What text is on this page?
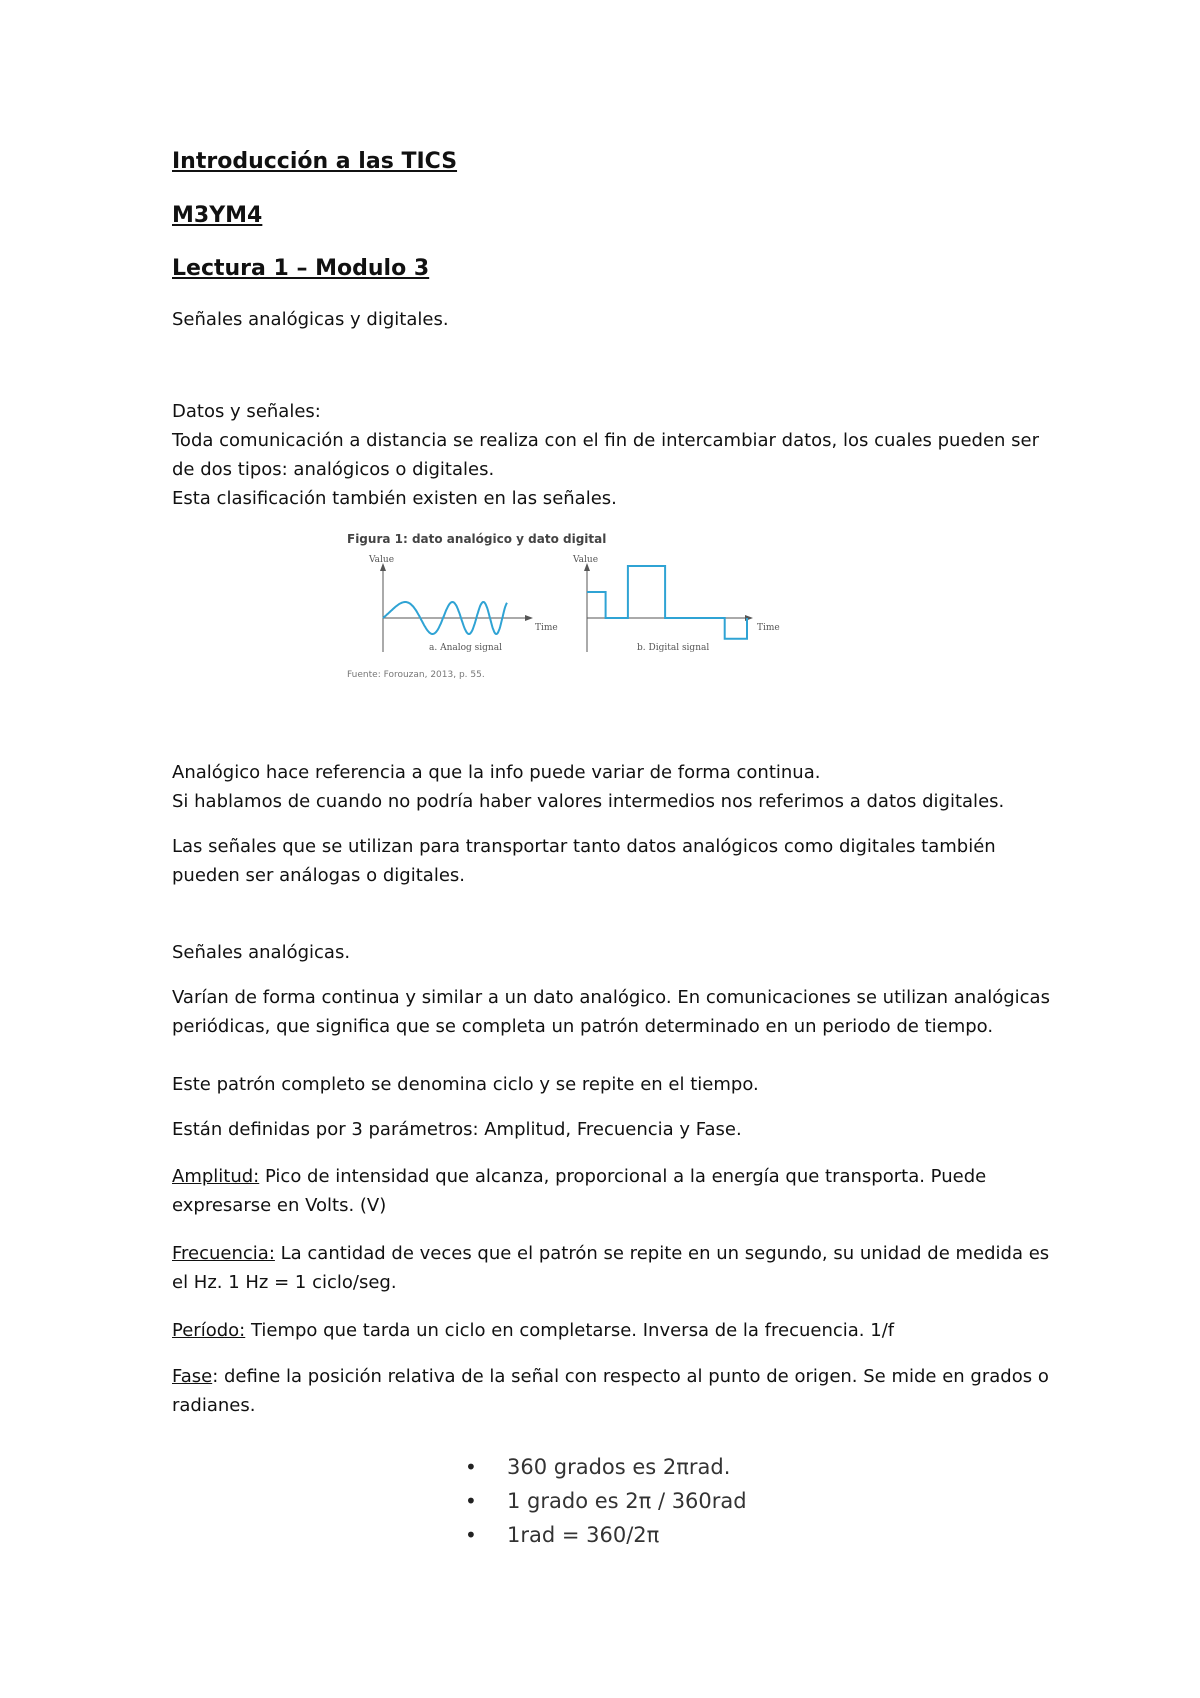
Introducción a las TICS
M3YM4
Lectura 1 – Modulo 3

Señales analógicas y digitales.

Datos y señales:

Toda comunicación a distancia se realiza con el fin de intercambiar datos, los cuales pueden ser de dos tipos: analógicos o digitales.

Esta clasificación también existen en las señales.

Analógico hace referencia a que la info puede variar de forma continua.

Si hablamos de cuando no podría haber valores intermedios nos referimos a datos digitales.

Las señales que se utilizan para transportar tanto datos analógicos como digitales también pueden ser análogas o digitales.

Señales analógicas.

Varían de forma continua y similar a un dato analógico. En comunicaciones se utilizan analógicas periódicas, que significa que se completa un patrón determinado en un periodo de tiempo.

Este patrón completo se denomina ciclo y se repite en el tiempo.

Están definidas por 3 parámetros: Amplitud, Frecuencia y Fase.

Amplitud: Pico de intensidad que alcanza, proporcional a la energía que transporta. Puede expresarse en Volts. (V)

Frecuencia: La cantidad de veces que el patrón se repite en un segundo, su unidad de medida es el Hz. 1 Hz = 1 ciclo/seg.

Período: Tiempo que tarda un ciclo en completarse. Inversa de la frecuencia. 1/f

Fase: define la posición relativa de la señal con respecto al punto de origen. Se mide en grados o radianes.

Figura 1: dato analógico y dato digital
Value
Time
a. Analog signal
Value
Time
b. Digital signal
Fuente: Forouzan, 2013, p. 55.
• 360 grados es 2πrad.
• 1 grado es 2π / 360rad
• 1rad = 360/2π
